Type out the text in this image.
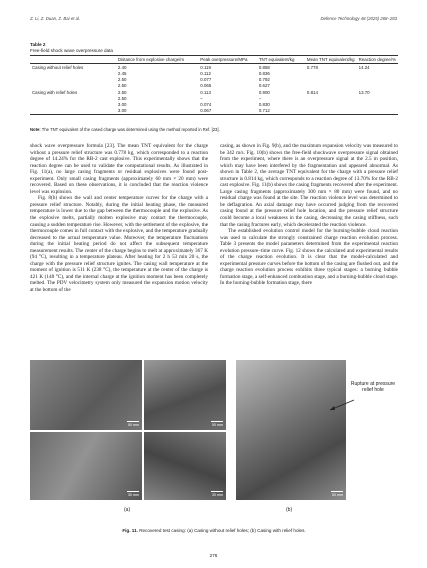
Z. Li, Z. Duan, Z. Bai et al.	Defence Technology 48 (2025) 268–283
Table 2
Free-field shock wave overpressure data
	Distance from explosive charge/m	Peak overpressure/MPa	TNT equivalent/kg	Mean TNT equivalent/kg	Reaction degree/%
Casing without relief holes	2.40	0.119	0.858	0.778	14.24
	2.45	0.112	0.836		
	2.50	0.077	0.792		
	2.50	0.065	0.627		
Casing with relief holes	2.50	0.113	0.900	0.814	13.70
	2.50	–	–		
	3.00	0.074	0.830		
	3.00	0.067	0.712		
Note: The TNT equivalent of the cased charge was determined using the method reported in Ref. [23].

shock wave overpressure formula [23]. The mean TNT equivalent for the charge without a pressure relief structure was 0.778 kg, which corresponded to a reaction degree of 14.24% for the RB-2 cast explosive. This experimentally shows that the reaction degree can be used to validate the computational results. As illustrated in Fig. 11(a), no large casing fragments or residual explosives were found post-experiment. Only small casing fragments (approximately 60 mm × 20 mm) were recovered. Based on these observations, it is concluded that the reaction violence level was explosion.

Fig. 8(b) shows the wall and center temperature curves for the charge with a pressure relief structure. Notably, during the initial heating phase, the measured temperature is lower due to the gap between the thermocouple and the explosive. As the explosive melts, partially molten explosive may contact the thermocouple, causing a sudden temperature rise. However, with the settlement of the explosive, the thermocouple comes in full contact with the explosive, and the temperature gradually decreased to the actual temperature value. Moreover, the temperature fluctuations during the initial heating period do not affect the subsequent temperature measurement results. The center of the charge begins to melt at approximately 367 K (94 °C), resulting in a temperature plateau. After heating for 2 h 53 min 20 s, the charge with the pressure relief structure ignites. The casing wall temperature at the moment of ignition is 511 K (238 °C), the temperature at the center of the charge is 421 K (148 °C), and the internal charge at the ignition moment has been completely melted. The PDV velocimetry system only measured the expansion motion velocity at the bottom of the

casing, as shown in Fig. 9(b), and the maximum expansion velocity was measured to be 342 m/s. Fig. 10(b) shows the free-field shockwave overpressure signal obtained from the experiment, where there is an overpressure signal at the 2.5 m position, which may have been interfered by the fragmentation and appeared abnormal. As shown in Table 2, the average TNT equivalent for the charge with a pressure relief structure is 0.814 kg, which corresponds to a reaction degree of 13.70% for the RB-2 cast explosive. Fig. 11(b) shows the casing fragments recovered after the experiment. Large casing fragments (approximately 300 mm × 80 mm) were found, and no residual charge was found at the site. The reaction violence level was determined to be deflagration. An axial damage may have occurred judging from the recovered casing found at the pressure relief hole location, and the pressure relief structure could become a local weakness in the casing, decreasing the casing stiffness, such that the casing fractures early, which decelerated the reaction violence.

The established evolution control model for the burning-bubble cloud reaction was used to calculate the strongly constrained charge reaction evolution process. Table 3 presents the model parameters determined from the experimental reaction evolution pressure–time curve. Fig. 12 shows the calculated and experimental results of the charge reaction evolution. It is clear that the model-calculated and experimental pressure curves before the bottom of the casing are flushed out, and the charge reaction evolution process exhibits three typical stages: a burning bubble formation stage, a self-enhanced combustion stage, and a burning-bubble cloud stage. In the burning-bubble formation stage, there

50 mm	50 mm
30 mm	30 mm	50 mm
Rupture at pressure relief hole
(a)	(b)
Fig. 11. Recovered test casing: (a) Casing without relief holes; (b) Casing with relief holes.
276
